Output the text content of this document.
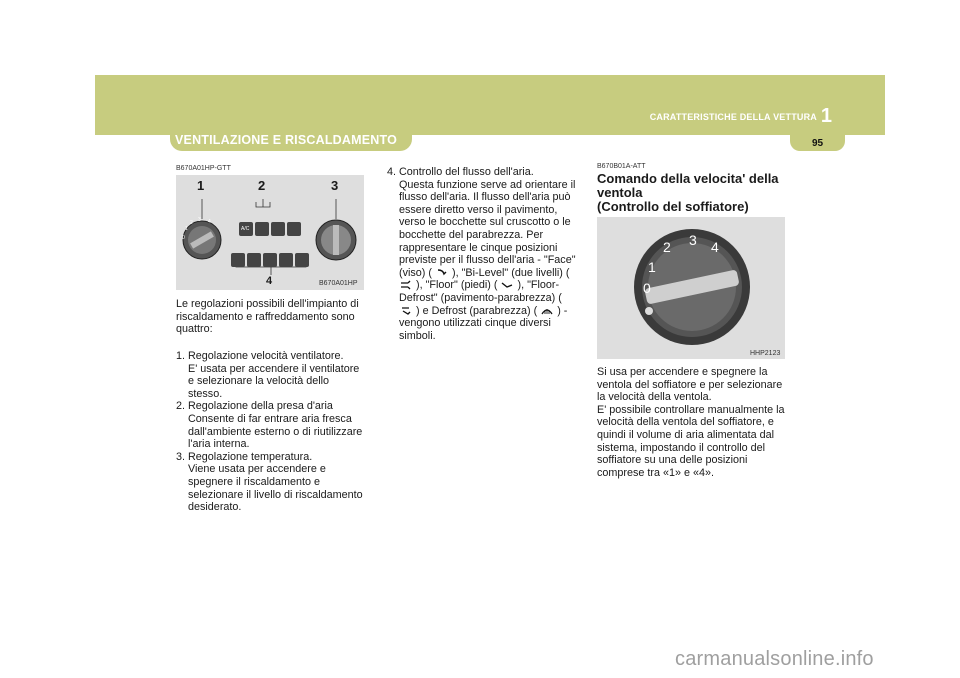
1
CARATTERISTICHE DELLA VETTURA
95
VENTILAZIONE E RISCALDAMENTO
B670A01HP-GTT
1	2	3
4
1
2 3 4
0
A/C
B670A01HP
Le regolazioni possibili dell'impianto di riscaldamento e raffreddamento sono quattro:
1. Regolazione velocità ventilatore.
E' usata per accendere il ventilatore e selezionare la velocità dello stesso.
2. Regolazione della presa d'aria
Consente di far entrare aria fresca dall'ambiente esterno o di riutilizzare l'aria interna.
3. Regolazione temperatura.
Viene usata per accendere e spegnere il riscaldamento e selezionare il livello di riscaldamento desiderato.
4. Controllo del flusso dell'aria.
Questa funzione serve ad orientare il flusso dell'aria. Il flusso dell'aria può essere diretto verso il pavimento, verso le bocchette sul cruscotto o le bocchette del parabrezza. Per rappresentare le cinque posizioni previste per il flusso dell'aria - "Face" (viso) ( ), "Bi-Level" (due livelli) (  ), "Floor" (piedi) ( ), "Floor-Defrost" (pavimento-parabrezza) (  ) e Defrost (parabrezza) ( ) - vengono utilizzati cinque diversi simboli.
B670B01A-ATT
Comando della velocita' della ventola
(Controllo del soffiatore)
0
1
2 3 4
HHP2123
Si usa per accendere e spegnere la ventola del soffiatore e per selezionare la velocità della ventola.
E' possibile controllare manualmente la velocità della ventola del soffiatore, e quindi il volume di aria alimentata dal sistema, impostando il controllo del soffiatore su una delle posizioni comprese tra «1» e «4».
carmanualsonline.info
